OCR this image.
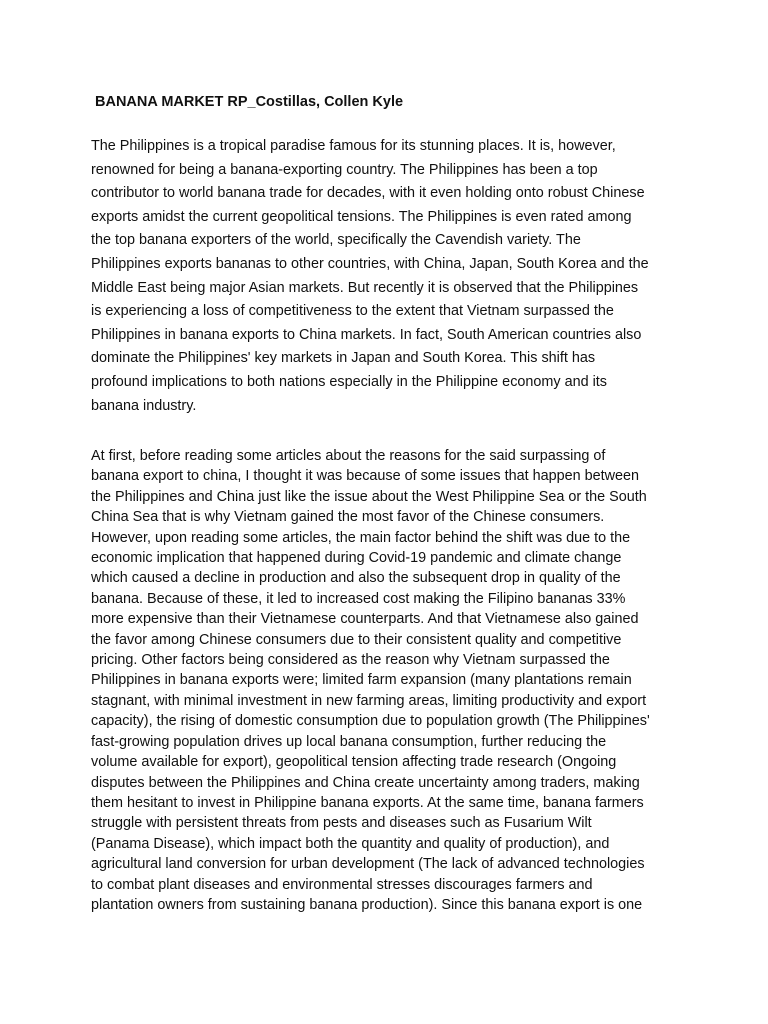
BANANA MARKET RP_Costillas, Collen Kyle

The Philippines is a tropical paradise famous for its stunning places. It is, however,
renowned for being a banana-exporting country. The Philippines has been a top
contributor to world banana trade for decades, with it even holding onto robust Chinese
exports amidst the current geopolitical tensions. The Philippines is even rated among
the top banana exporters of the world, specifically the Cavendish variety. The
Philippines exports bananas to other countries, with China, Japan, South Korea and the
Middle East being major Asian markets. But recently it is observed that the Philippines
is experiencing a loss of competitiveness to the extent that Vietnam surpassed the
Philippines in banana exports to China markets. In fact, South American countries also
dominate the Philippines' key markets in Japan and South Korea. This shift has
profound implications to both nations especially in the Philippine economy and its
banana industry.

At first, before reading some articles about the reasons for the said surpassing of
banana export to china, I thought it was because of some issues that happen between
the Philippines and China just like the issue about the West Philippine Sea or the South
China Sea that is why Vietnam gained the most favor of the Chinese consumers.
However, upon reading some articles, the main factor behind the shift was due to the
economic implication that happened during Covid-19 pandemic and climate change
which caused a decline in production and also the subsequent drop in quality of the
banana. Because of these, it led to increased cost making the Filipino bananas 33%
more expensive than their Vietnamese counterparts. And that Vietnamese also gained
the favor among Chinese consumers due to their consistent quality and competitive
pricing. Other factors being considered as the reason why Vietnam surpassed the
Philippines in banana exports were; limited farm expansion (many plantations remain
stagnant, with minimal investment in new farming areas, limiting productivity and export
capacity), the rising of domestic consumption due to population growth (The Philippines'
fast-growing population drives up local banana consumption, further reducing the
volume available for export), geopolitical tension affecting trade research (Ongoing
disputes between the Philippines and China create uncertainty among traders, making
them hesitant to invest in Philippine banana exports. At the same time, banana farmers
struggle with persistent threats from pests and diseases such as Fusarium Wilt
(Panama Disease), which impact both the quantity and quality of production), and
agricultural land conversion for urban development (The lack of advanced technologies
to combat plant diseases and environmental stresses discourages farmers and
plantation owners from sustaining banana production). Since this banana export is one
